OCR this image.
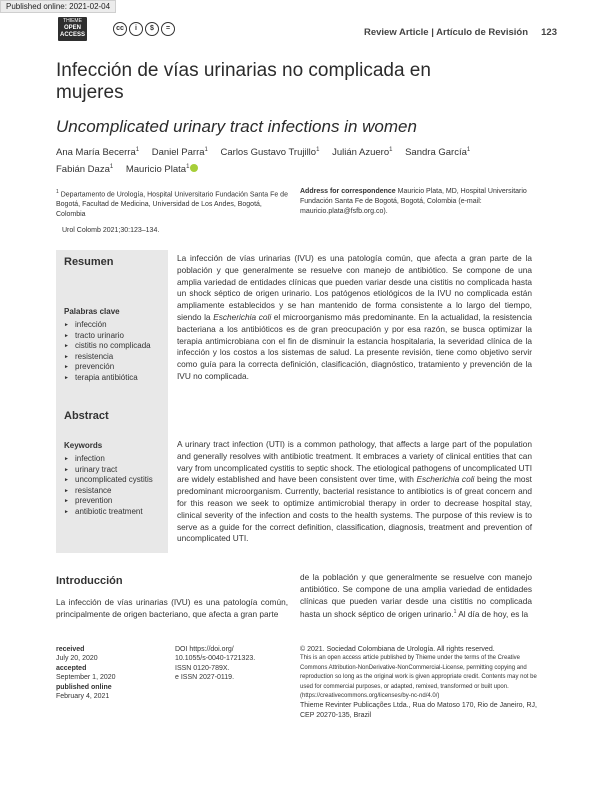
Published online: 2021-02-04
THIEME
OPEN
ACCESS
cc	i	$	=	Review Article | Artículo de Revisión 123
Infección de vías urinarias no complicada en mujeres
Uncomplicated urinary tract infections in women
Ana María Becerra$^1$ Daniel Parra$^1$ Carlos Gustavo Trujillo$^1$ Julián Azuero$^1$ Sandra García$^1$
Fabián Daza$^1$ Mauricio Plata$^1$
$^1$ Departamento de Urología, Hospital Universitario Fundación Santa Fe de Bogotá, Facultad de Medicina, Universidad de Los Andes, Bogotá, Colombia
Address for correspondence Mauricio Plata, MD, Hospital Universitario Fundación Santa Fe de Bogotá, Bogotá, Colombia (e-mail: mauricio.plata@fsfb.org.co).
Urol Colomb 2021;30:123–134.
Resumen
Palabras clave
► infección
► tracto urinario
► cistitis no complicada
► resistencia
► prevención
► terapia antibiótica
Abstract
Keywords
► infection
► urinary tract
► uncomplicated cystitis
► resistance
► prevention
► antibiotic treatment

La infección de vías urinarias (IVU) es una patología común, que afecta a gran parte de la población y que generalmente se resuelve con manejo de antibiótico. Se compone de una amplia variedad de entidades clínicas que pueden variar desde una cistitis no complicada hasta un shock séptico de origen urinario. Los patógenos etiológicos de la IVU no complicada están ampliamente establecidos y se han mantenido de forma consistente a lo largo del tiempo, siendo la Escherichia coli el microorganismo más predominante. En la actualidad, la resistencia bacteriana a los antibióticos es de gran preocupación y por esa razón, se busca optimizar la terapia antimicrobiana con el fin de disminuir la estancia hospitalaria, la severidad clínica de la infección y los costos a los sistemas de salud. La presente revisión, tiene como objetivo servir como guía para la correcta definición, clasificación, diagnóstico, tratamiento y prevención de la IVU no complicada.

A urinary tract infection (UTI) is a common pathology, that affects a large part of the population and generally resolves with antibiotic treatment. It embraces a variety of clinical entities that can vary from uncomplicated cystitis to septic shock. The etiological pathogens of uncomplicated UTI are widely established and have been consistent over time, with Escherichia coli being the most predominant microorganism. Currently, bacterial resistance to antibiotics is of great concern and for this reason we seek to optimize antimicrobial therapy in order to decrease hospital stay, clinical severity of the infection and costs to the health systems. The purpose of this review is to serve as a guide for the correct definition, classification, diagnosis, treatment and prevention of uncomplicated UTI.

Introducción

La infección de vías urinarias (IVU) es una patología común, principalmente de origen bacteriano, que afecta a gran parte

de la población y que generalmente se resuelve con manejo antibiótico. Se compone de una amplia variedad de entidades clínicas que pueden variar desde una cistitis no complicada hasta un shock séptico de origen urinario.$^1$ Al día de hoy, es la

received
July 20, 2020
accepted
September 1, 2020
published online
February 4, 2021
DOI https://doi.org/
10.1055/s-0040-1721323.
ISSN 0120-789X.
e ISSN 2027-0119.
© 2021. Sociedad Colombiana de Urología. All rights reserved.
This is an open access article published by Thieme under the terms of the Creative Commons Attribution-NonDerivative-NonCommercial-License, permitting copying and reproduction so long as the original work is given appropriate credit. Contents may not be used for commercial purposes, or adapted, remixed, transformed or built upon. (https://creativecommons.org/licenses/by-nc-nd/4.0/)
Thieme Revinter Publicações Ltda., Rua do Matoso 170, Rio de Janeiro, RJ, CEP 20270-135, Brazil
